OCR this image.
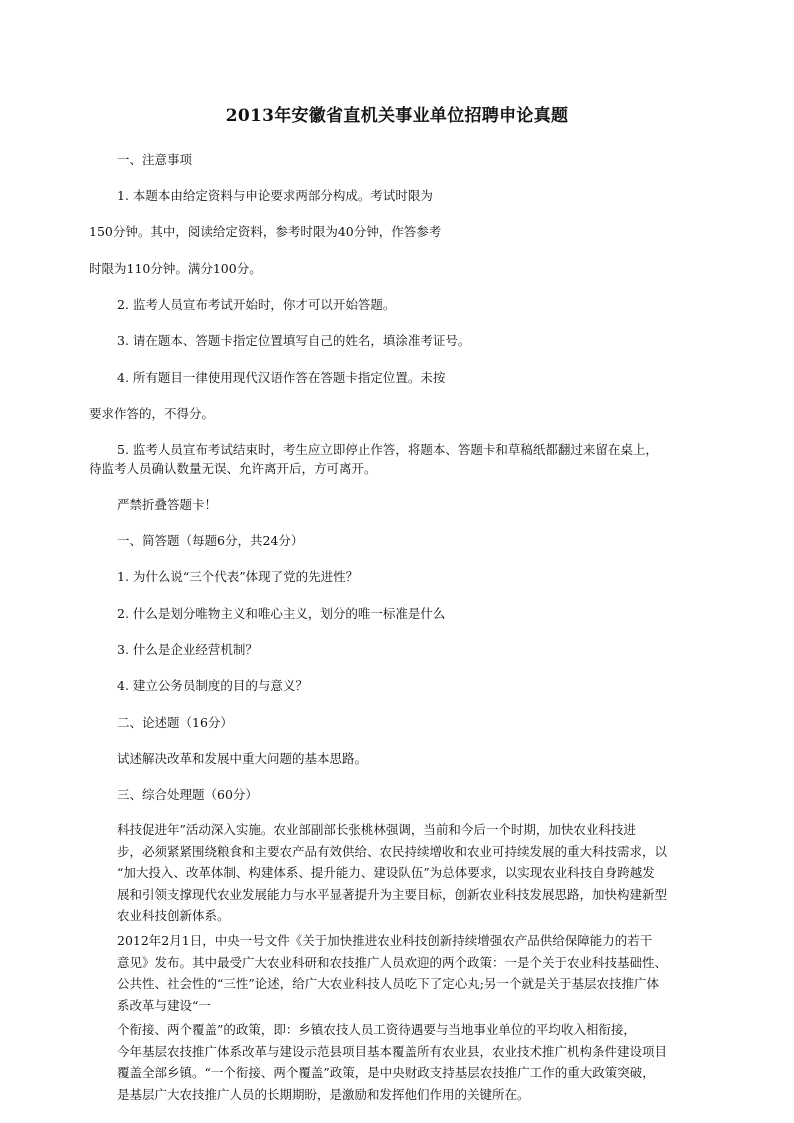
2013年安徽省直机关事业单位招聘申论真题

一、注意事项

1. 本题本由给定资料与申论要求两部分构成。考试时限为

150分钟。其中，阅读给定资料，参考时限为40分钟，作答参考

时限为110分钟。满分100分。

2. 监考人员宣布考试开始时，你才可以开始答题。

3. 请在题本、答题卡指定位置填写自己的姓名，填涂准考证号。

4. 所有题目一律使用现代汉语作答在答题卡指定位置。未按

要求作答的，不得分。

5. 监考人员宣布考试结束时，考生应立即停止作答，将题本、答题卡和草稿纸都翻过来留在桌上，

待监考人员确认数量无误、允许离开后，方可离开。

严禁折叠答题卡！

一、简答题（每题6分，共24分）

1. 为什么说“三个代表”体现了党的先进性？

2. 什么是划分唯物主义和唯心主义，划分的唯一标准是什么

3. 什么是企业经营机制？

4. 建立公务员制度的目的与意义？

二、论述题（16分）

试述解决改革和发展中重大问题的基本思路。

三、综合处理题（60分）

科技促进年”活动深入实施。农业部副部长张桃林强调，当前和今后一个时期，加快农业科技进
步，必须紧紧围绕粮食和主要农产品有效供给、农民持续增收和农业可持续发展的重大科技需求，以
“加大投入、改革体制、构建体系、提升能力、建设队伍”为总体要求，以实现农业科技自身跨越发
展和引领支撑现代农业发展能力与水平显著提升为主要目标，创新农业科技发展思路，加快构建新型
农业科技创新体系。
2012年2月1日，中央一号文件《关于加快推进农业科技创新持续增强农产品供给保障能力的若干
意见》发布。其中最受广大农业科研和农技推广人员欢迎的两个政策：一是个关于农业科技基础性、
公共性、社会性的“三性”论述，给广大农业科技人员吃下了定心丸;另一个就是关于基层农技推广体
系改革与建设“一
个衔接、两个覆盖”的政策，即：乡镇农技人员工资待遇要与当地事业单位的平均收入相衔接，
今年基层农技推广体系改革与建设示范县项目基本覆盖所有农业县，农业技术推广机构条件建设项目
覆盖全部乡镇。“一个衔接、两个覆盖”政策，是中央财政支持基层农技推广工作的重大政策突破，
是基层广大农技推广人员的长期期盼，是激励和发挥他们作用的关键所在。
